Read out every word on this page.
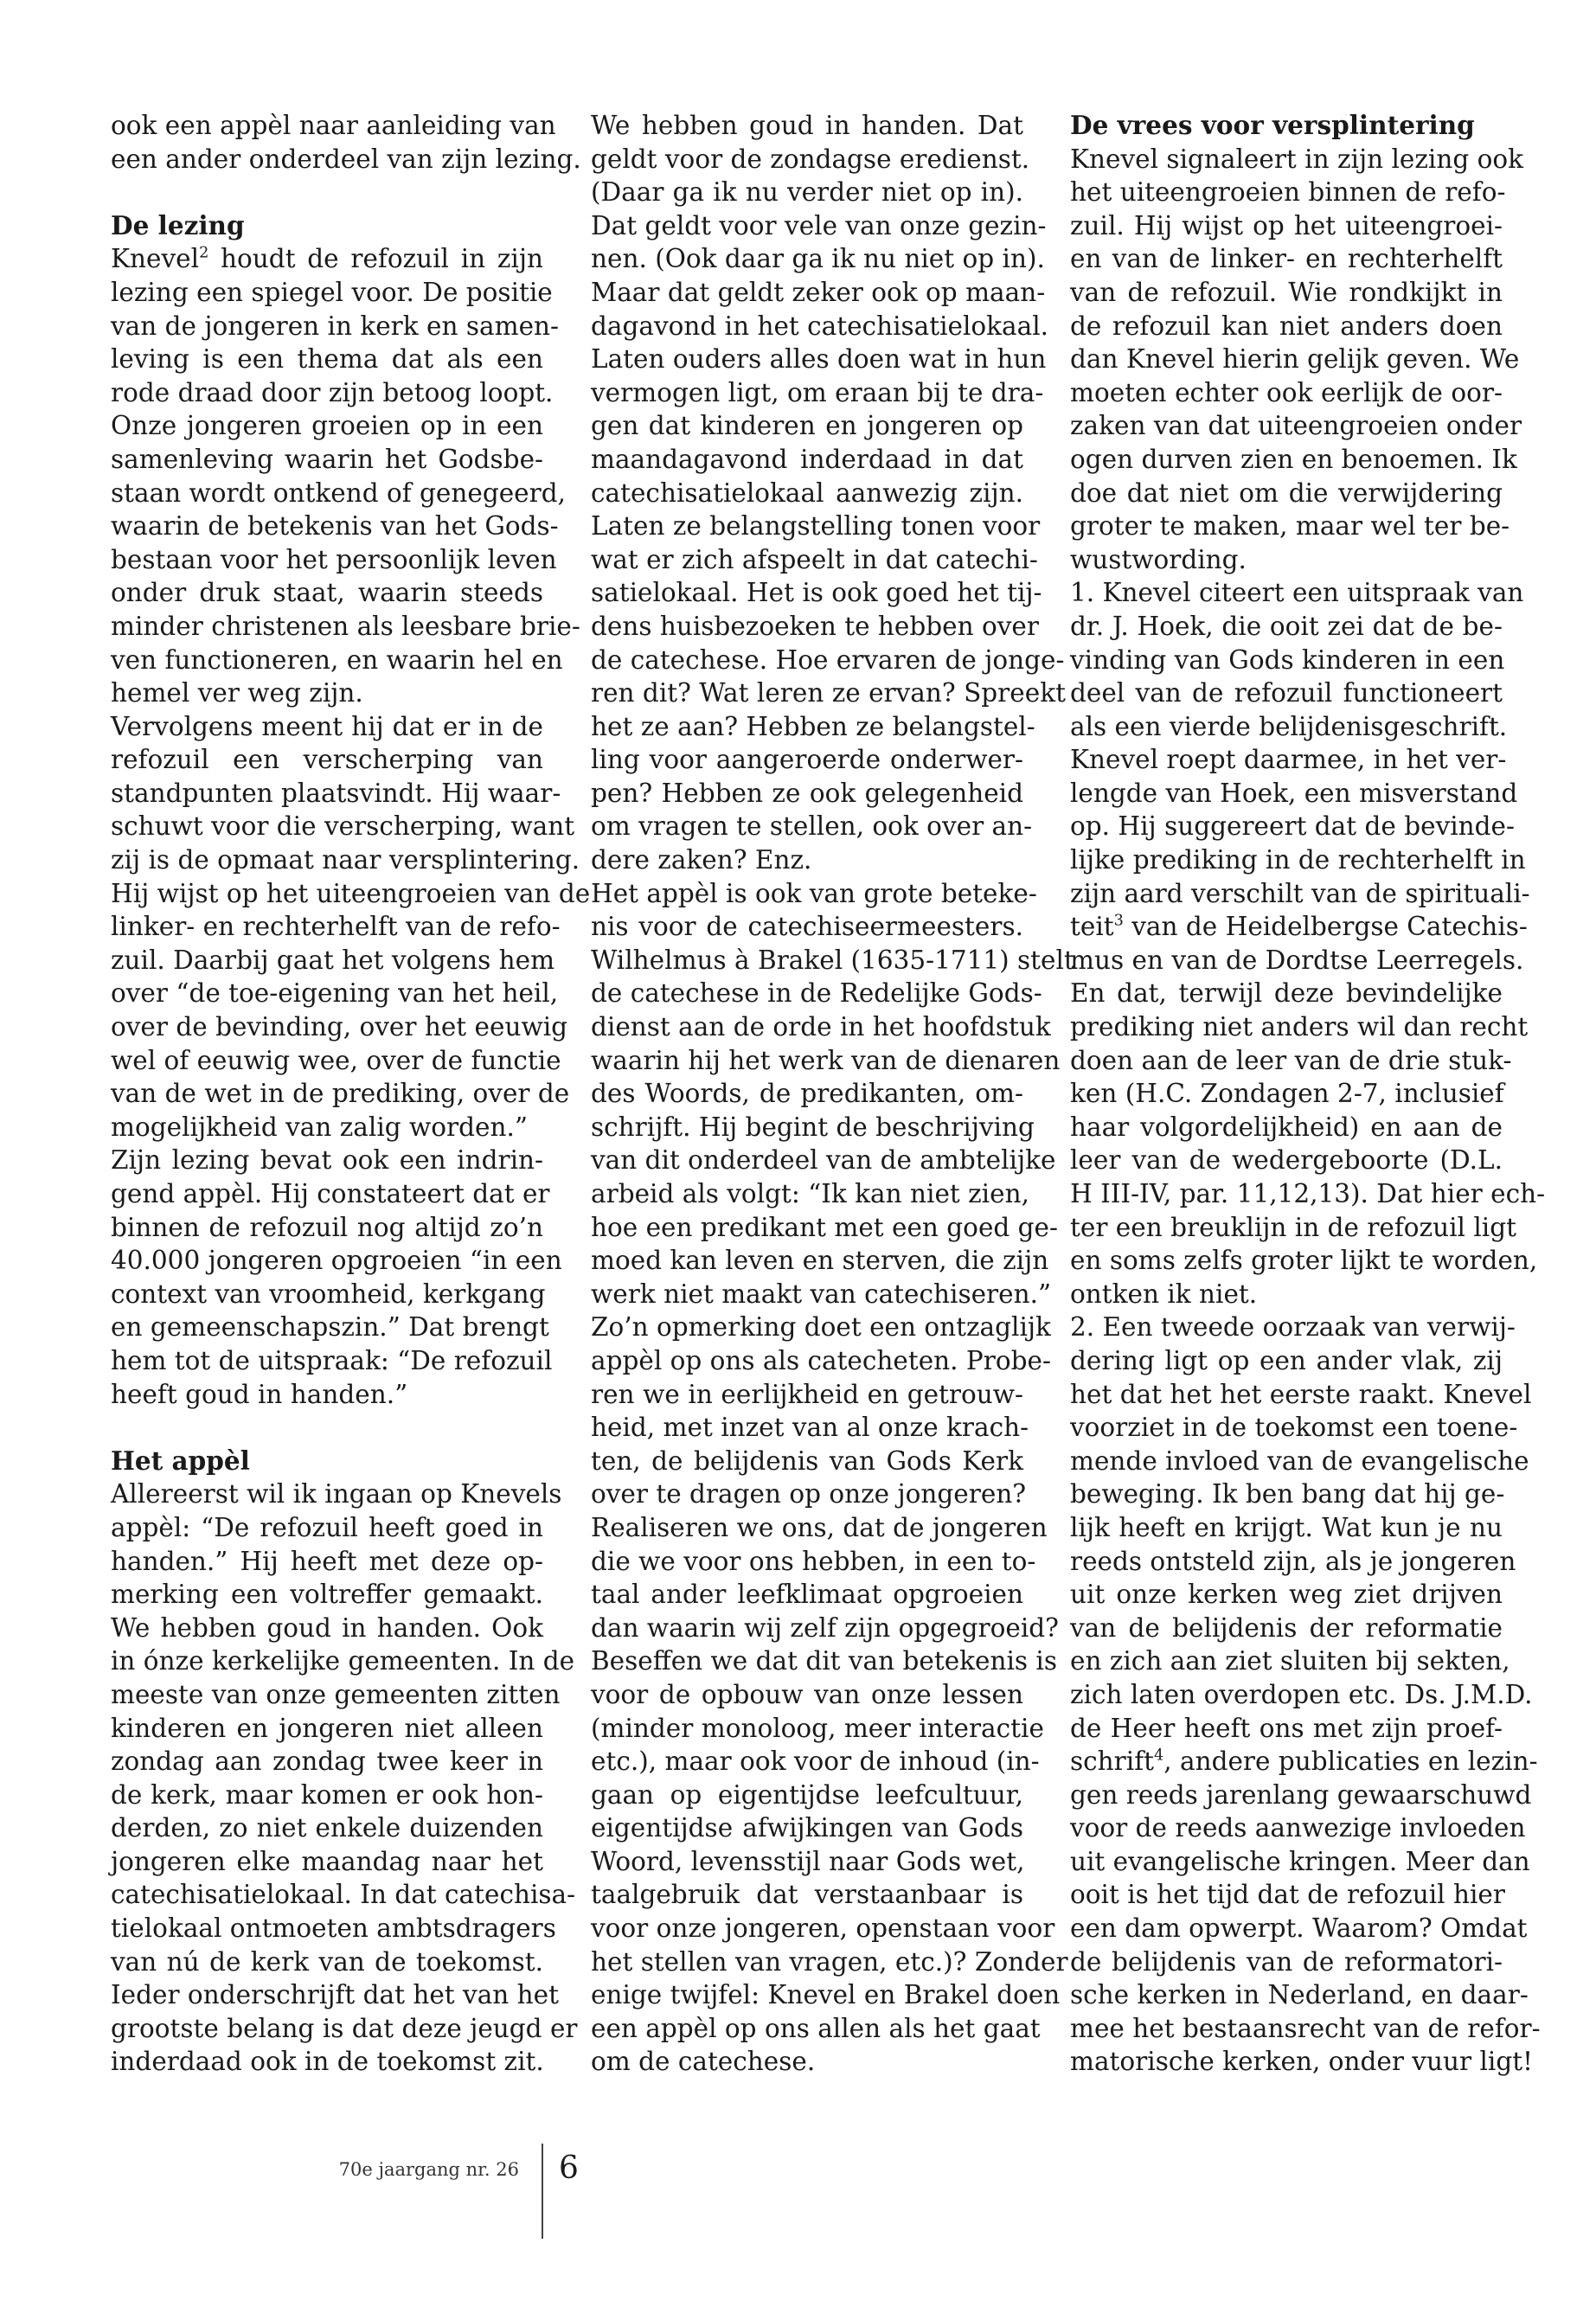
ook een appèl naar aanleiding van
een ander onderdeel van zijn lezing.
De lezing
Knevel$^2$ houdt de refozuil in zijn
lezing een spiegel voor. De positie
van de jongeren in kerk en samen-
leving is een thema dat als een
rode draad door zijn betoog loopt.
Onze jongeren groeien op in een
samenleving waarin het Godsbe-
staan wordt ontkend of genegeerd,
waarin de betekenis van het Gods-
bestaan voor het persoonlijk leven
onder druk staat, waarin steeds
minder christenen als leesbare brie-
ven functioneren, en waarin hel en
hemel ver weg zijn.
Vervolgens meent hij dat er in de
refozuil een verscherping van
standpunten plaatsvindt. Hij waar-
schuwt voor die verscherping, want
zij is de opmaat naar versplintering.
Hij wijst op het uiteengroeien van de
linker- en rechterhelft van de refo-
zuil. Daarbij gaat het volgens hem
over “de toe-eigening van het heil,
over de bevinding, over het eeuwig
wel of eeuwig wee, over de functie
van de wet in de prediking, over de
mogelijkheid van zalig worden.”
Zijn lezing bevat ook een indrin-
gend appèl. Hij constateert dat er
binnen de refozuil nog altijd zo’n
40.000 jongeren opgroeien “in een
context van vroomheid, kerkgang
en gemeenschapszin.” Dat brengt
hem tot de uitspraak: “De refozuil
heeft goud in handen.”
Het appèl
Allereerst wil ik ingaan op Knevels
appèl: “De refozuil heeft goed in
handen.” Hij heeft met deze op-
merking een voltreffer gemaakt.
We hebben goud in handen. Ook
in ónze kerkelijke gemeenten. In de
meeste van onze gemeenten zitten
kinderen en jongeren niet alleen
zondag aan zondag twee keer in
de kerk, maar komen er ook hon-
derden, zo niet enkele duizenden
jongeren elke maandag naar het
catechisatielokaal. In dat catechisa-
tielokaal ontmoeten ambtsdragers
van nú de kerk van de toekomst.
Ieder onderschrijft dat het van het
grootste belang is dat deze jeugd er
inderdaad ook in de toekomst zit.
We hebben goud in handen. Dat
geldt voor de zondagse eredienst.
(Daar ga ik nu verder niet op in).
Dat geldt voor vele van onze gezin-
nen. (Ook daar ga ik nu niet op in).
Maar dat geldt zeker ook op maan-
dagavond in het catechisatielokaal.
Laten ouders alles doen wat in hun
vermogen ligt, om eraan bij te dra-
gen dat kinderen en jongeren op
maandagavond inderdaad in dat
catechisatielokaal aanwezig zijn.
Laten ze belangstelling tonen voor
wat er zich afspeelt in dat catechi-
satielokaal. Het is ook goed het tij-
dens huisbezoeken te hebben over
de catechese. Hoe ervaren de jonge-
ren dit? Wat leren ze ervan? Spreekt
het ze aan? Hebben ze belangstel-
ling voor aangeroerde onderwer-
pen? Hebben ze ook gelegenheid
om vragen te stellen, ook over an-
dere zaken? Enz.
Het appèl is ook van grote beteke-
nis voor de catechiseermeesters.
Wilhelmus à Brakel (1635-1711) stelt
de catechese in de Redelijke Gods-
dienst aan de orde in het hoofdstuk
waarin hij het werk van de dienaren
des Woords, de predikanten, om-
schrijft. Hij begint de beschrijving
van dit onderdeel van de ambtelijke
arbeid als volgt: “Ik kan niet zien,
hoe een predikant met een goed ge-
moed kan leven en sterven, die zijn
werk niet maakt van catechiseren.”
Zo’n opmerking doet een ontzaglijk
appèl op ons als catecheten. Probe-
ren we in eerlijkheid en getrouw-
heid, met inzet van al onze krach-
ten, de belijdenis van Gods Kerk
over te dragen op onze jongeren?
Realiseren we ons, dat de jongeren
die we voor ons hebben, in een to-
taal ander leefklimaat opgroeien
dan waarin wij zelf zijn opgegroeid?
Beseffen we dat dit van betekenis is
voor de opbouw van onze lessen
(minder monoloog, meer interactie
etc.), maar ook voor de inhoud (in-
gaan op eigentijdse leefcultuur,
eigentijdse afwijkingen van Gods
Woord, levensstijl naar Gods wet,
taalgebruik dat verstaanbaar is
voor onze jongeren, openstaan voor
het stellen van vragen, etc.)? Zonder
enige twijfel: Knevel en Brakel doen
een appèl op ons allen als het gaat
om de catechese.
De vrees voor versplintering
Knevel signaleert in zijn lezing ook
het uiteengroeien binnen de refo-
zuil. Hij wijst op het uiteengroei-
en van de linker- en rechterhelft
van de refozuil. Wie rondkijkt in
de refozuil kan niet anders doen
dan Knevel hierin gelijk geven. We
moeten echter ook eerlijk de oor-
zaken van dat uiteengroeien onder
ogen durven zien en benoemen. Ik
doe dat niet om die verwijdering
groter te maken, maar wel ter be-
wustwording.
1. Knevel citeert een uitspraak van
dr. J. Hoek, die ooit zei dat de be-
vinding van Gods kinderen in een
deel van de refozuil functioneert
als een vierde belijdenisgeschrift.
Knevel roept daarmee, in het ver-
lengde van Hoek, een misverstand
op. Hij suggereert dat de bevinde-
lijke prediking in de rechterhelft in
zijn aard verschilt van de spirituali-
teit$^3$ van de Heidelbergse Catechis-
mus en van de Dordtse Leerregels.
En dat, terwijl deze bevindelijke
prediking niet anders wil dan recht
doen aan de leer van de drie stuk-
ken (H.C. Zondagen 2-7, inclusief
haar volgordelijkheid) en aan de
leer van de wedergeboorte (D.L.
H III-IV, par. 11,12,13). Dat hier ech-
ter een breuklijn in de refozuil ligt
en soms zelfs groter lijkt te worden,
ontken ik niet.
2. Een tweede oorzaak van verwij-
dering ligt op een ander vlak, zij
het dat het het eerste raakt. Knevel
voorziet in de toekomst een toene-
mende invloed van de evangelische
beweging. Ik ben bang dat hij ge-
lijk heeft en krijgt. Wat kun je nu
reeds ontsteld zijn, als je jongeren
uit onze kerken weg ziet drijven
van de belijdenis der reformatie
en zich aan ziet sluiten bij sekten,
zich laten overdopen etc. Ds. J.M.D.
de Heer heeft ons met zijn proef-
schrift$^4$, andere publicaties en lezin-
gen reeds jarenlang gewaarschuwd
voor de reeds aanwezige invloeden
uit evangelische kringen. Meer dan
ooit is het tijd dat de refozuil hier
een dam opwerpt. Waarom? Omdat
de belijdenis van de reformatori-
sche kerken in Nederland, en daar-
mee het bestaansrecht van de refor-
matorische kerken, onder vuur ligt!
70e jaargang nr. 26 6
